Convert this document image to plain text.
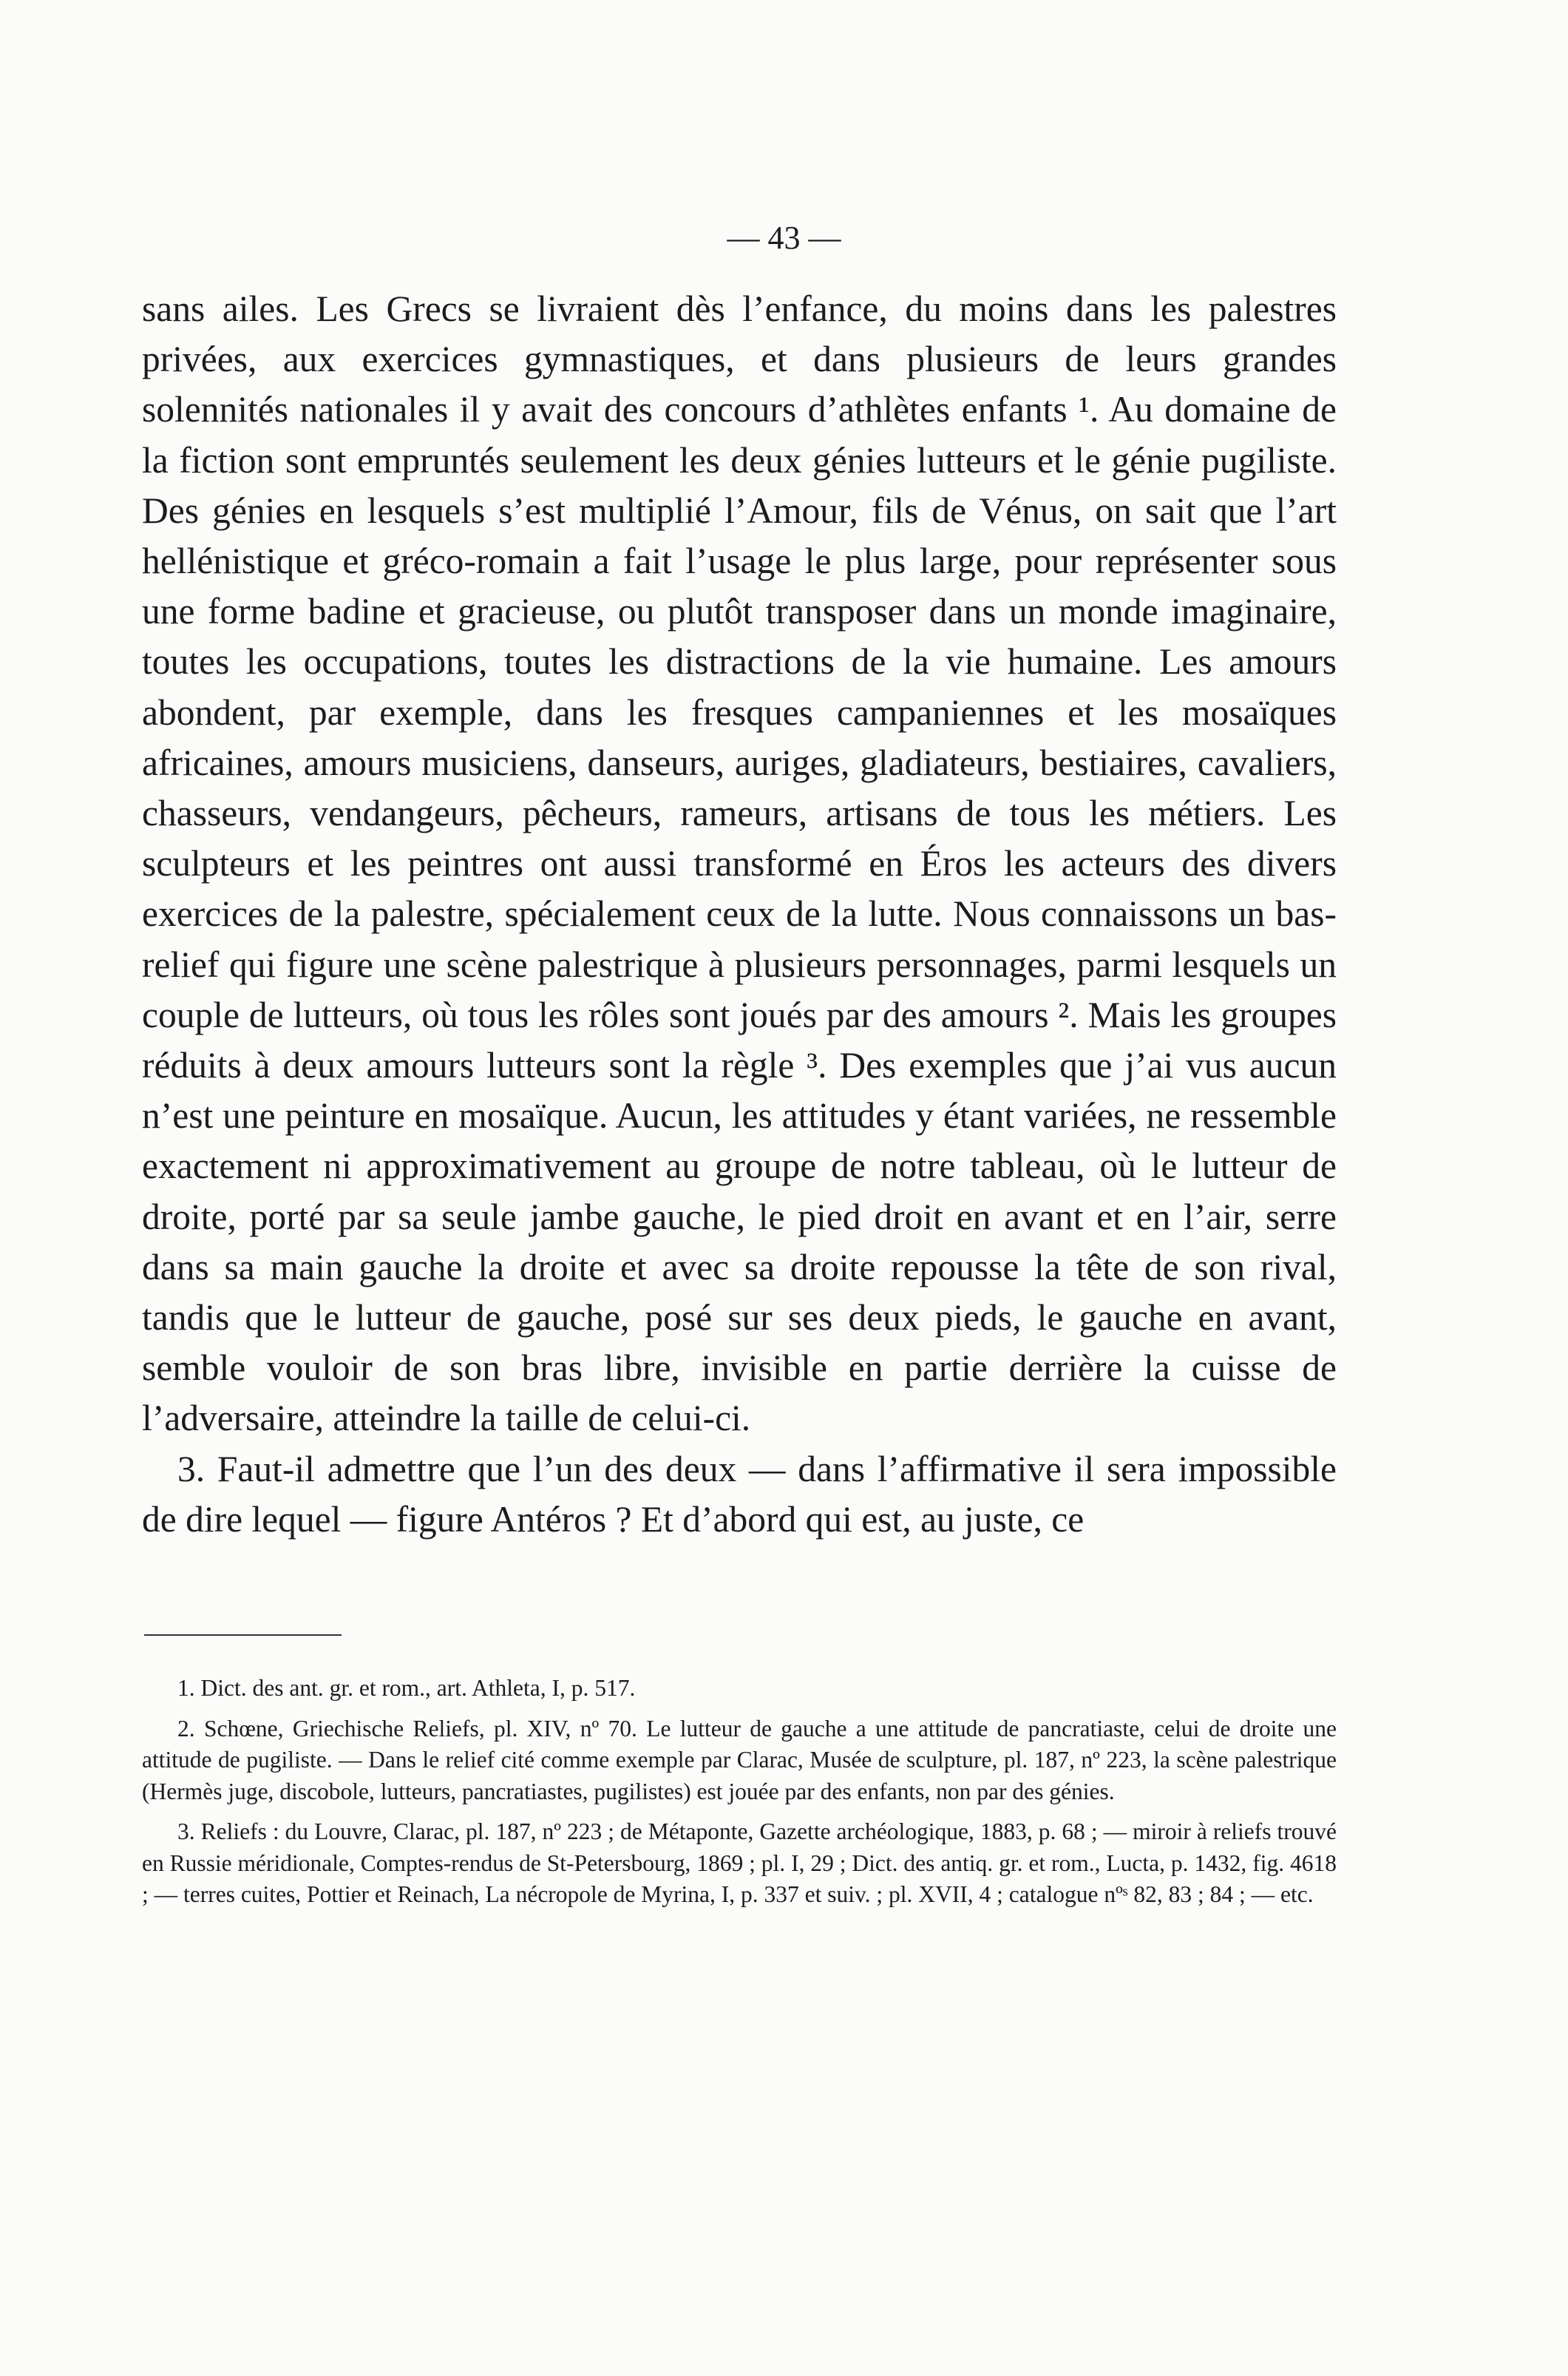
— 43 —

sans ailes. Les Grecs se livraient dès l’enfance, du moins dans les palestres privées, aux exercices gymnastiques, et dans plusieurs de leurs grandes solennités nationales il y avait des concours d’athlètes enfants ¹. Au domaine de la fiction sont empruntés seulement les deux génies lutteurs et le génie pugiliste. Des génies en lesquels s’est multiplié l’Amour, fils de Vénus, on sait que l’art hellénistique et gréco-romain a fait l’usage le plus large, pour représenter sous une forme badine et gracieuse, ou plutôt transposer dans un monde imaginaire, toutes les occupations, toutes les distractions de la vie humaine. Les amours abondent, par exemple, dans les fresques campaniennes et les mosaïques africaines, amours musiciens, danseurs, auriges, gladiateurs, bestiaires, cavaliers, chasseurs, vendangeurs, pêcheurs, rameurs, artisans de tous les métiers. Les sculpteurs et les peintres ont aussi transformé en Éros les acteurs des divers exercices de la palestre, spécialement ceux de la lutte. Nous connaissons un bas-relief qui figure une scène palestrique à plusieurs personnages, parmi lesquels un couple de lutteurs, où tous les rôles sont joués par des amours ². Mais les groupes réduits à deux amours lutteurs sont la règle ³. Des exemples que j’ai vus aucun n’est une peinture en mosaïque. Aucun, les attitudes y étant variées, ne ressemble exactement ni approximativement au groupe de notre tableau, où le lutteur de droite, porté par sa seule jambe gauche, le pied droit en avant et en l’air, serre dans sa main gauche la droite et avec sa droite repousse la tête de son rival, tandis que le lutteur de gauche, posé sur ses deux pieds, le gauche en avant, semble vouloir de son bras libre, invisible en partie derrière la cuisse de l’adversaire, atteindre la taille de celui-ci.

3. Faut-il admettre que l’un des deux — dans l’affirmative il sera impossible de dire lequel — figure Antéros ? Et d’abord qui est, au juste, ce

1. Dict. des ant. gr. et rom., art. Athleta, I, p. 517.

2. Schœne, Griechische Reliefs, pl. XIV, nº 70. Le lutteur de gauche a une attitude de pancratiaste, celui de droite une attitude de pugiliste. — Dans le relief cité comme exemple par Clarac, Musée de sculpture, pl. 187, nº 223, la scène palestrique (Hermès juge, discobole, lutteurs, pancratiastes, pugilistes) est jouée par des enfants, non par des génies.

3. Reliefs : du Louvre, Clarac, pl. 187, nº 223 ; de Métaponte, Gazette archéologique, 1883, p. 68 ; — miroir à reliefs trouvé en Russie méridionale, Comptes-rendus de St-Petersbourg, 1869 ; pl. I, 29 ; Dict. des antiq. gr. et rom., Lucta, p. 1432, fig. 4618 ; — terres cuites, Pottier et Reinach, La nécropole de Myrina, I, p. 337 et suiv. ; pl. XVII, 4 ; catalogue nºˢ 82, 83 ; 84 ; — etc.
